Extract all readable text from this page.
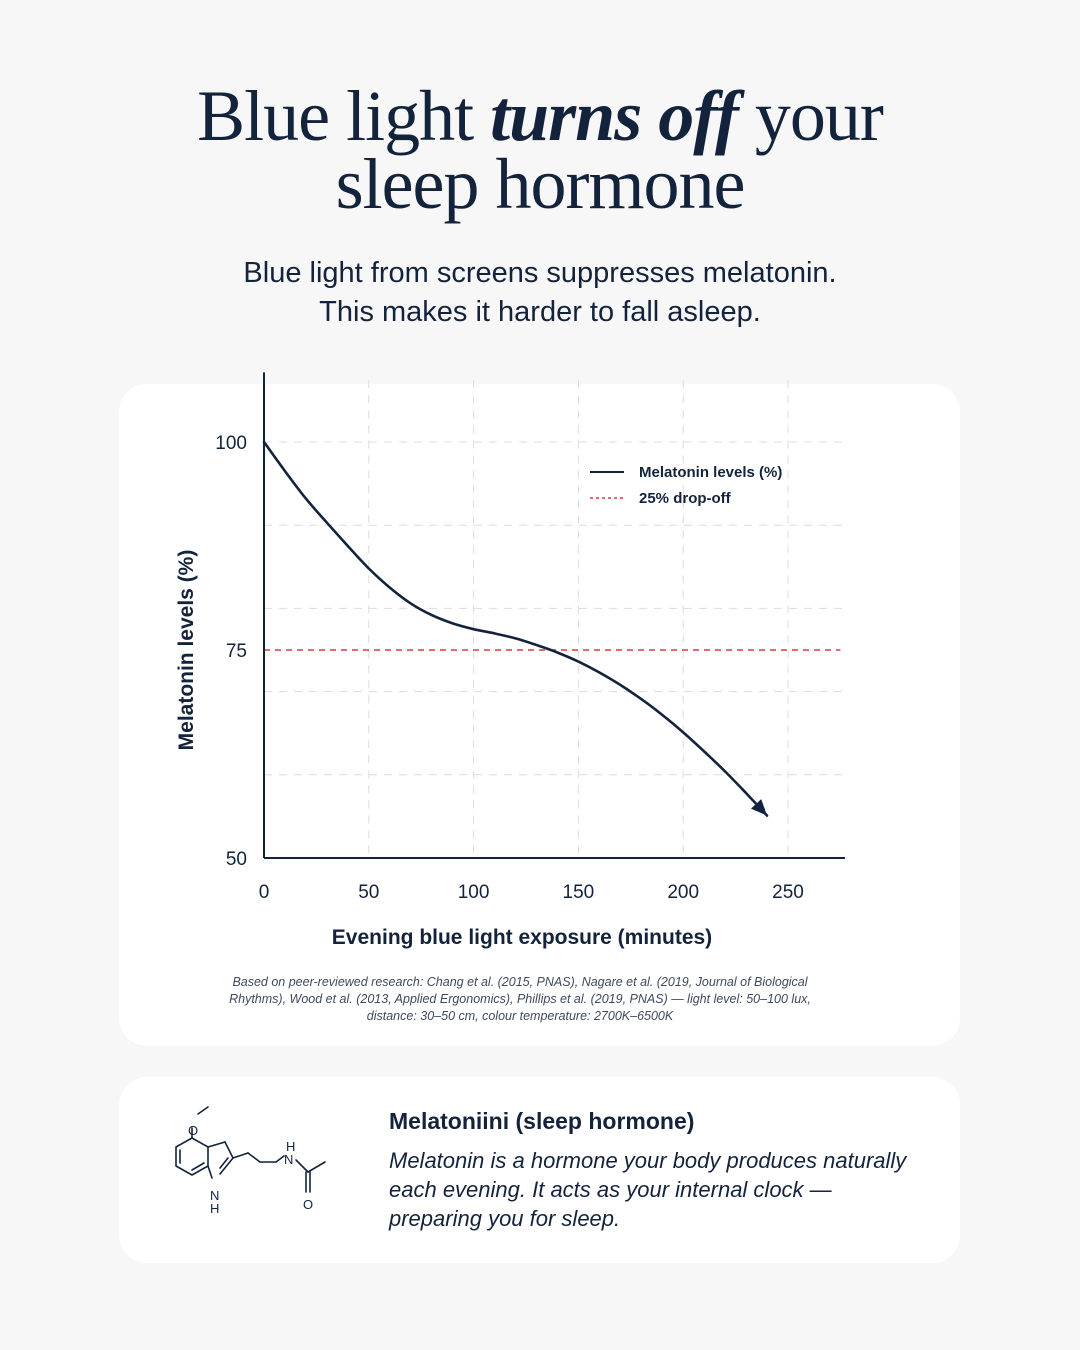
Blue light turns off your
sleep hormone
Blue light from screens suppresses melatonin.
This makes it harder to fall asleep.
0	50	100	150	200	250
50
75
100
Melatonin levels (%)
25% drop-off
Evening blue light exposure (minutes)
Melatonin levels (%)
Based on peer-reviewed research: Chang et al. (2015, PNAS), Nagare et al. (2019, Journal of Biological Rhythms), Wood et al. (2013, Applied Ergonomics), Phillips et al. (2019, PNAS) — light level: 50–100 lux, distance: 30–50 cm, colour temperature: 2700K–6500K
O
H
N
H
N
O
Melatoniini (sleep hormone)
Melatonin is a hormone your body produces naturally each evening. It acts as your internal clock — preparing you for sleep.
